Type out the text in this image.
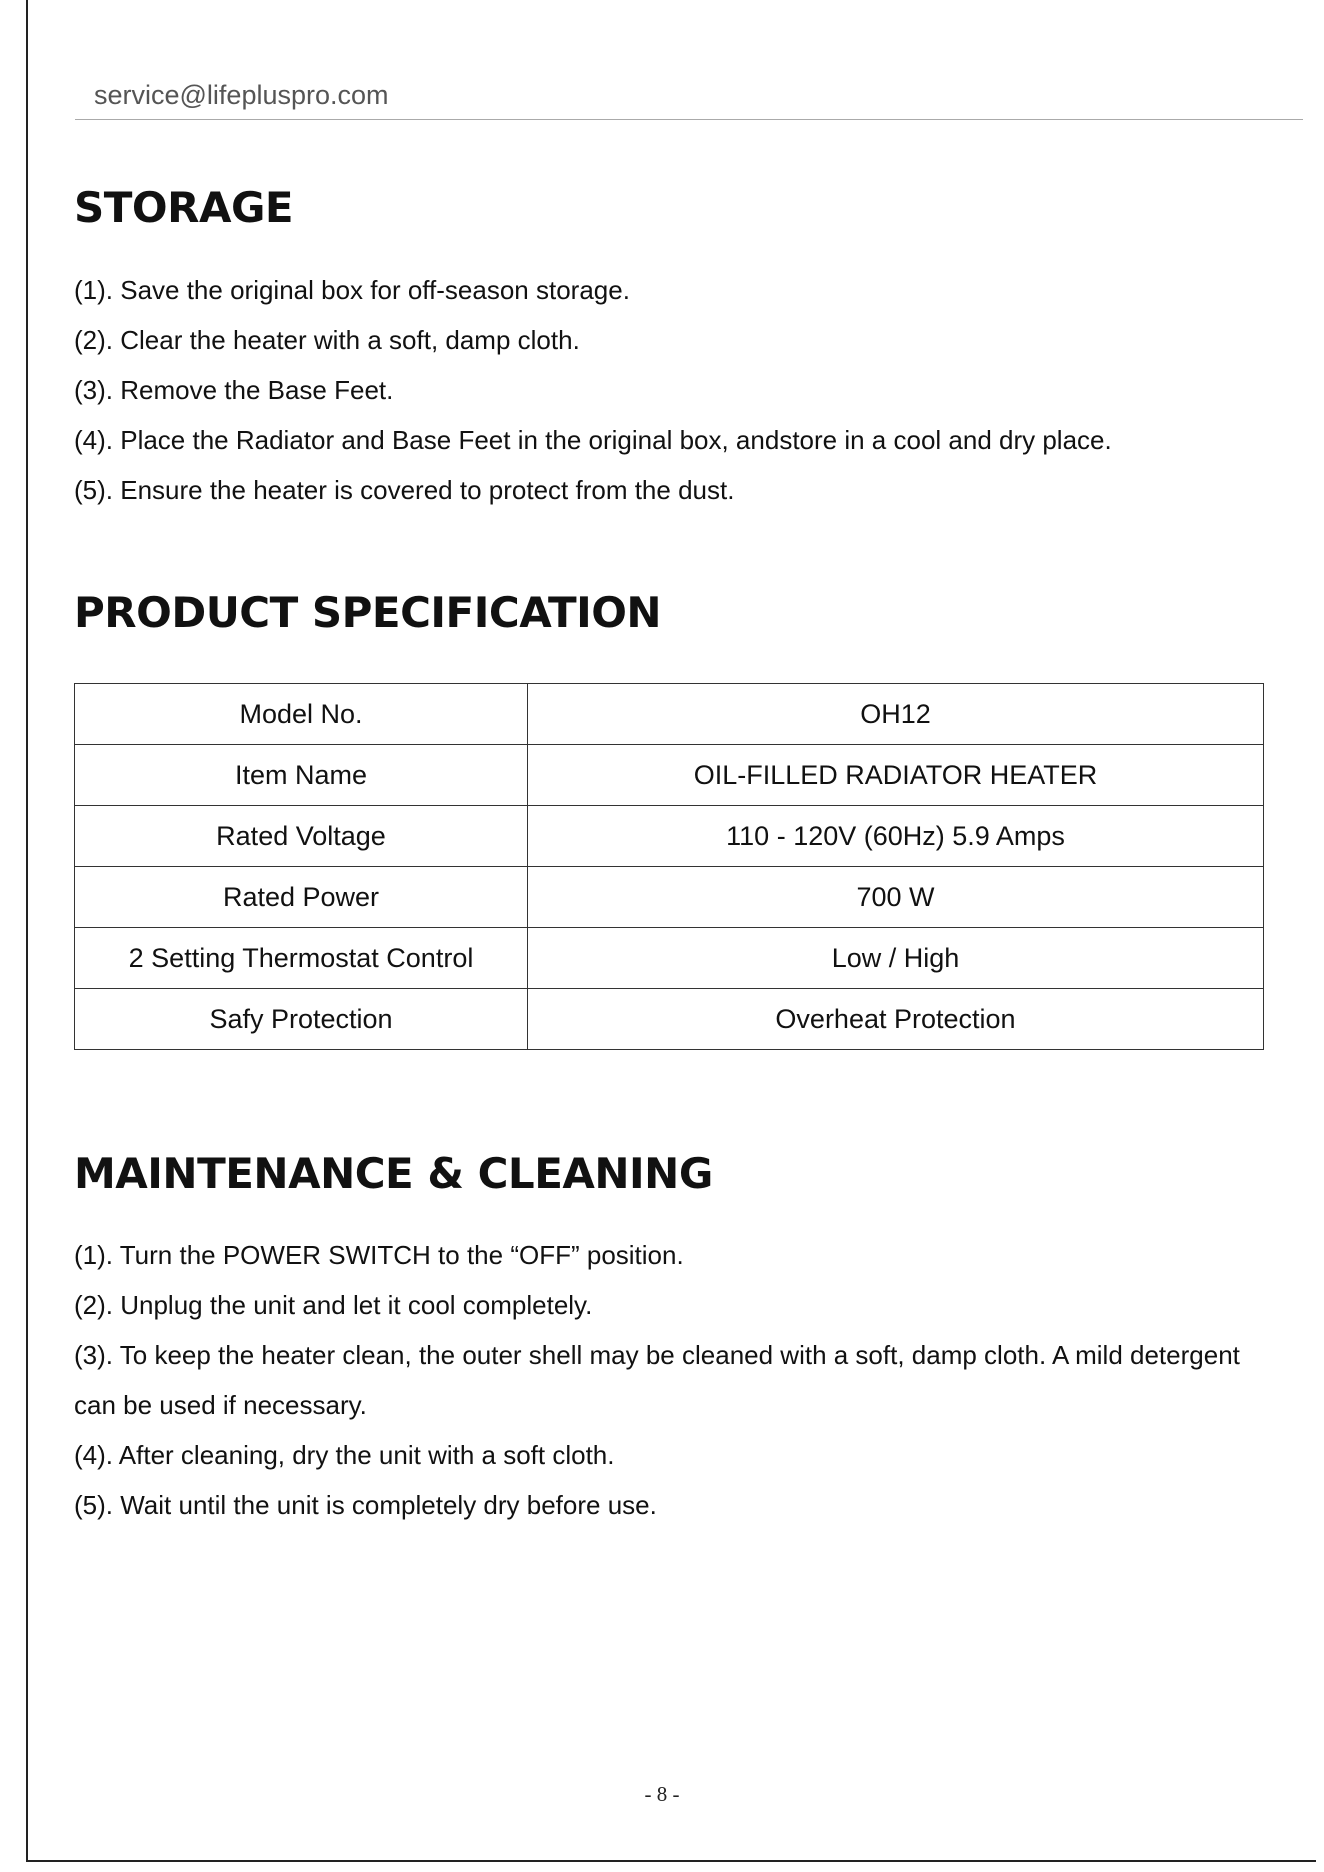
service@lifepluspro.com
STORAGE
(1). Save the original box for off-season storage.
(2). Clear the heater with a soft, damp cloth.
(3). Remove the Base Feet.
(4). Place the Radiator and Base Feet in the original box, andstore in a cool and dry place.
(5). Ensure the heater is covered to protect from the dust.
PRODUCT SPECIFICATION
Model No.	OH12
Item Name	OIL-FILLED RADIATOR HEATER
Rated Voltage	110 - 120V (60Hz) 5.9 Amps
Rated Power	700 W
2 Setting Thermostat Control	Low / High
Safy Protection	Overheat Protection
MAINTENANCE & CLEANING
(1). Turn the POWER SWITCH to the “OFF” position.
(2). Unplug the unit and let it cool completely.
(3). To keep the heater clean, the outer shell may be cleaned with a soft, damp cloth. A mild detergent can be used if necessary.
(4). After cleaning, dry the unit with a soft cloth.
(5). Wait until the unit is completely dry before use.
- 8 -
